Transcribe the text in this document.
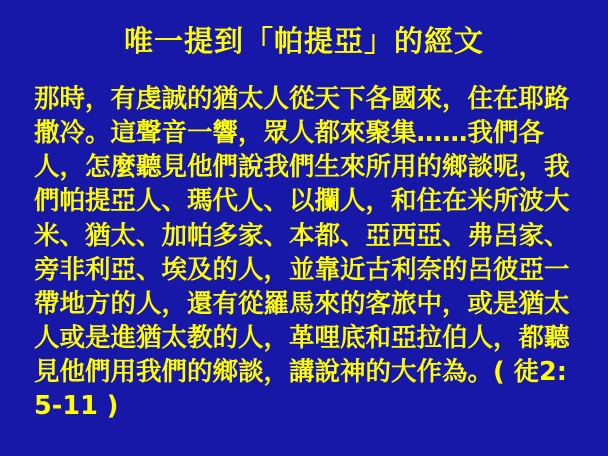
唯一提到「帕提亞」的經文
那時，有虔誠的猶太人從天下各國來，住在耶路撒冷。這聲音一響，眾人都來聚集……我們各人，怎麼聽見他們說我們生來所用的鄉談呢，我們帕提亞人、瑪代人、以攔人，和住在米所波大米、猶太、加帕多家、本都、亞西亞、弗呂家、旁非利亞、埃及的人，並靠近古利奈的呂彼亞一帶地方的人，還有從羅馬來的客旅中，或是猶太人或是進猶太教的人，革哩底和亞拉伯人，都聽見他們用我們的鄉談，講說神的大作為。( 徒2:5-11 )
